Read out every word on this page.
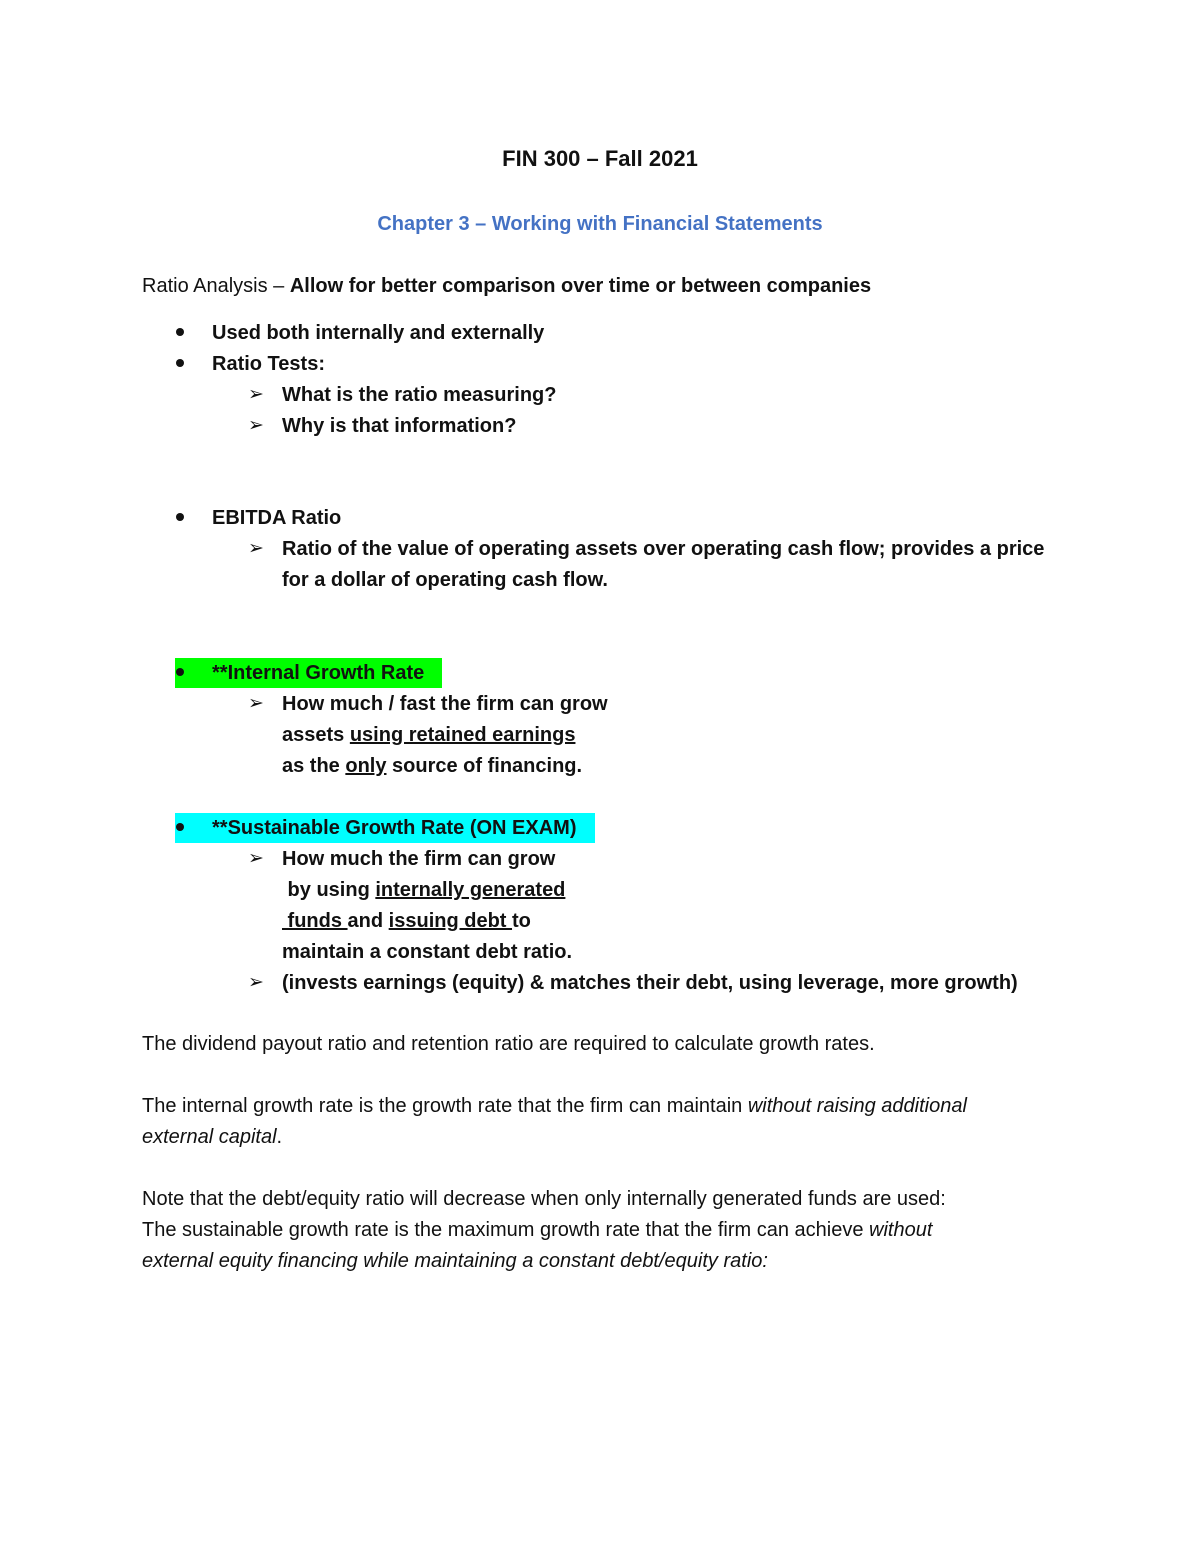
FIN 300 – Fall 2021
Chapter 3 – Working with Financial Statements
Ratio Analysis – Allow for better comparison over time or between companies
Used both internally and externally
Ratio Tests:
➢ What is the ratio measuring?
➢ Why is that information?
EBITDA Ratio
➢ Ratio of the value of operating assets over operating cash flow; provides a price
for a dollar of operating cash flow.
**Internal Growth Rate
➢ How much / fast the firm can grow
assets using retained earnings
as the only source of financing.
**Sustainable Growth Rate (ON EXAM)
➢ How much the firm can grow
by using internally generated
funds and issuing debt to
maintain a constant debt ratio.
➢ (invests earnings (equity) & matches their debt, using leverage, more growth)
The dividend payout ratio and retention ratio are required to calculate growth rates.
The internal growth rate is the growth rate that the firm can maintain without raising additional
external capital.
Note that the debt/equity ratio will decrease when only internally generated funds are used:
The sustainable growth rate is the maximum growth rate that the firm can achieve without
external equity financing while maintaining a constant debt/equity ratio:
